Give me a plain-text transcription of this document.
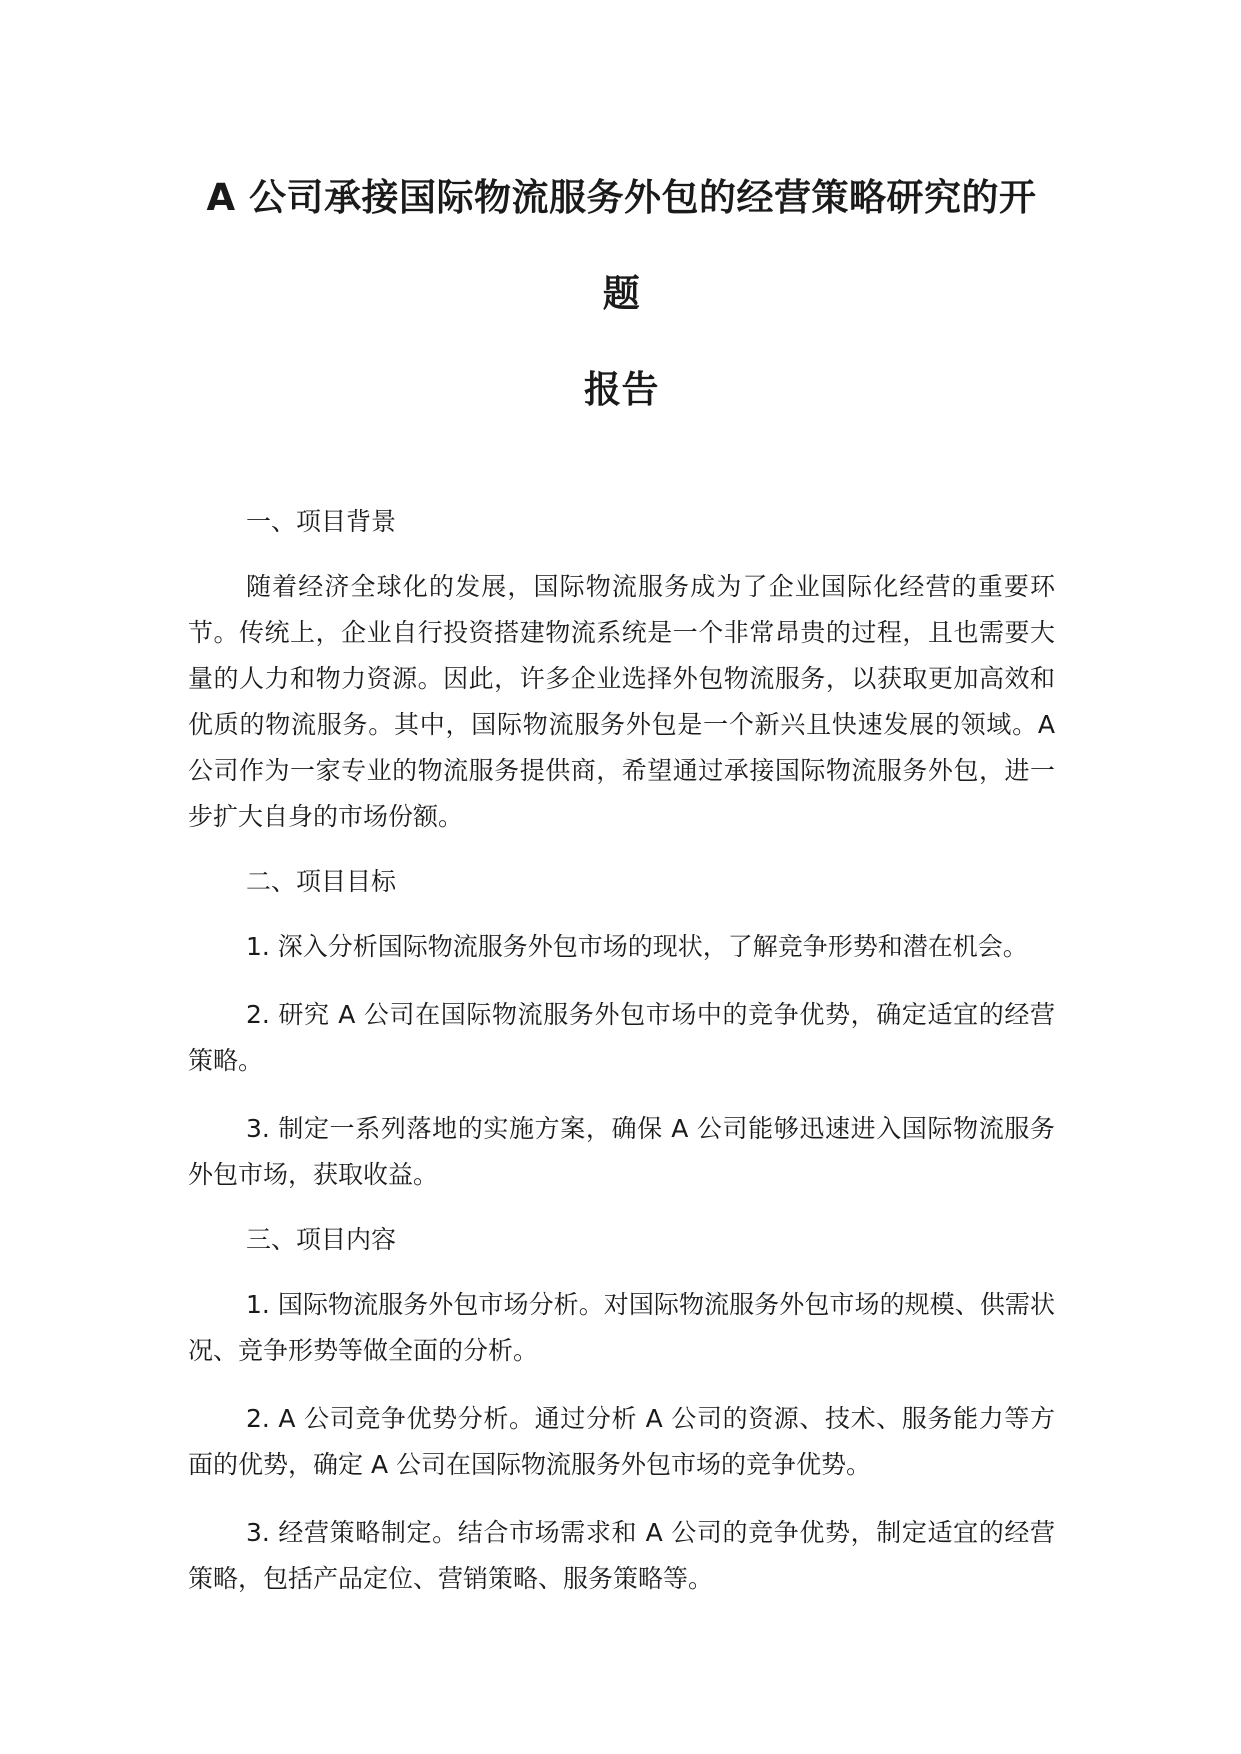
A 公司承接国际物流服务外包的经营策略研究的开题
报告
一、项目背景

随着经济全球化的发展，国际物流服务成为了企业国际化经营的重要环节。传统上，企业自行投资搭建物流系统是一个非常昂贵的过程，且也需要大量的人力和物力资源。因此，许多企业选择外包物流服务，以获取更加高效和优质的物流服务。其中，国际物流服务外包是一个新兴且快速发展的领域。A 公司作为一家专业的物流服务提供商，希望通过承接国际物流服务外包，进一步扩大自身的市场份额。

二、项目目标

1. 深入分析国际物流服务外包市场的现状，了解竞争形势和潜在机会。

2. 研究 A 公司在国际物流服务外包市场中的竞争优势，确定适宜的经营策略。

3. 制定一系列落地的实施方案，确保 A 公司能够迅速进入国际物流服务外包市场，获取收益。

三、项目内容

1. 国际物流服务外包市场分析。对国际物流服务外包市场的规模、供需状况、竞争形势等做全面的分析。

2. A 公司竞争优势分析。通过分析 A 公司的资源、技术、服务能力等方面的优势，确定 A 公司在国际物流服务外包市场的竞争优势。

3. 经营策略制定。结合市场需求和 A 公司的竞争优势，制定适宜的经营策略，包括产品定位、营销策略、服务策略等。
